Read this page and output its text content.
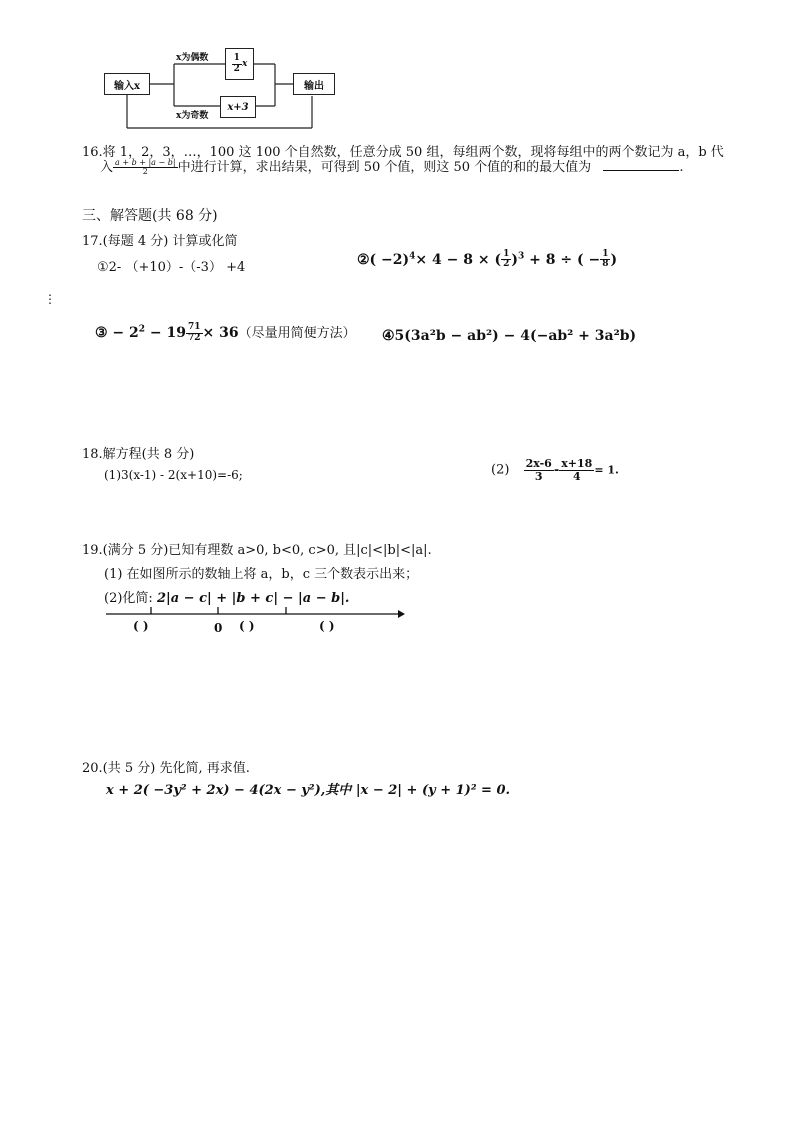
输入x
$\frac{1}{2}$ x
x+3
输出
x为偶数
x为奇数
16.将 1，2，3，…，100 这 100 个自然数，任意分成 50 组，每组两个数，现将每组中的两个数记为 a，b 代
入 $\frac{a + b + |a - b|}{2}$ 中进行计算，求出结果，可得到 50 个值，则这 50 个值的和的最大值为	.
三、解答题(共 68 分)
17.(每题 4 分) 计算或化简
①2- （+10）-（-3） +4	②( −2)$^4$× 4 − 8 × ( $\frac{1}{2} )^3 + 8$ ÷ ( − $\frac{1}{8}$ )
⋮
③ − $2^2 - 19 \frac{71}{72} \times 36$（尽量用简便方法） ④5(3a²b − ab²) − 4(−ab² + 3a²b)
18.解方程(共 8 分)
(1)3(x-1) - 2(x+10)=-6;	$(2) \frac{2x-6}{3} - \frac{x+18}{4} = 1$.
19.(满分 5 分)已知有理数 a>0, b<0, c>0, 且|c|<|b|<|a|.
(1) 在如图所示的数轴上将 a，b，c 三个数表示出来；
(2)化简: 2|a − c| + |b + c| − |a − b|.
( )	0 ( )	( )
20.(共 5 分) 先化简, 再求值.
x + 2( −3y² + 2x) − 4(2x − y²),其中 |x − 2| + (y + 1)² = 0.
